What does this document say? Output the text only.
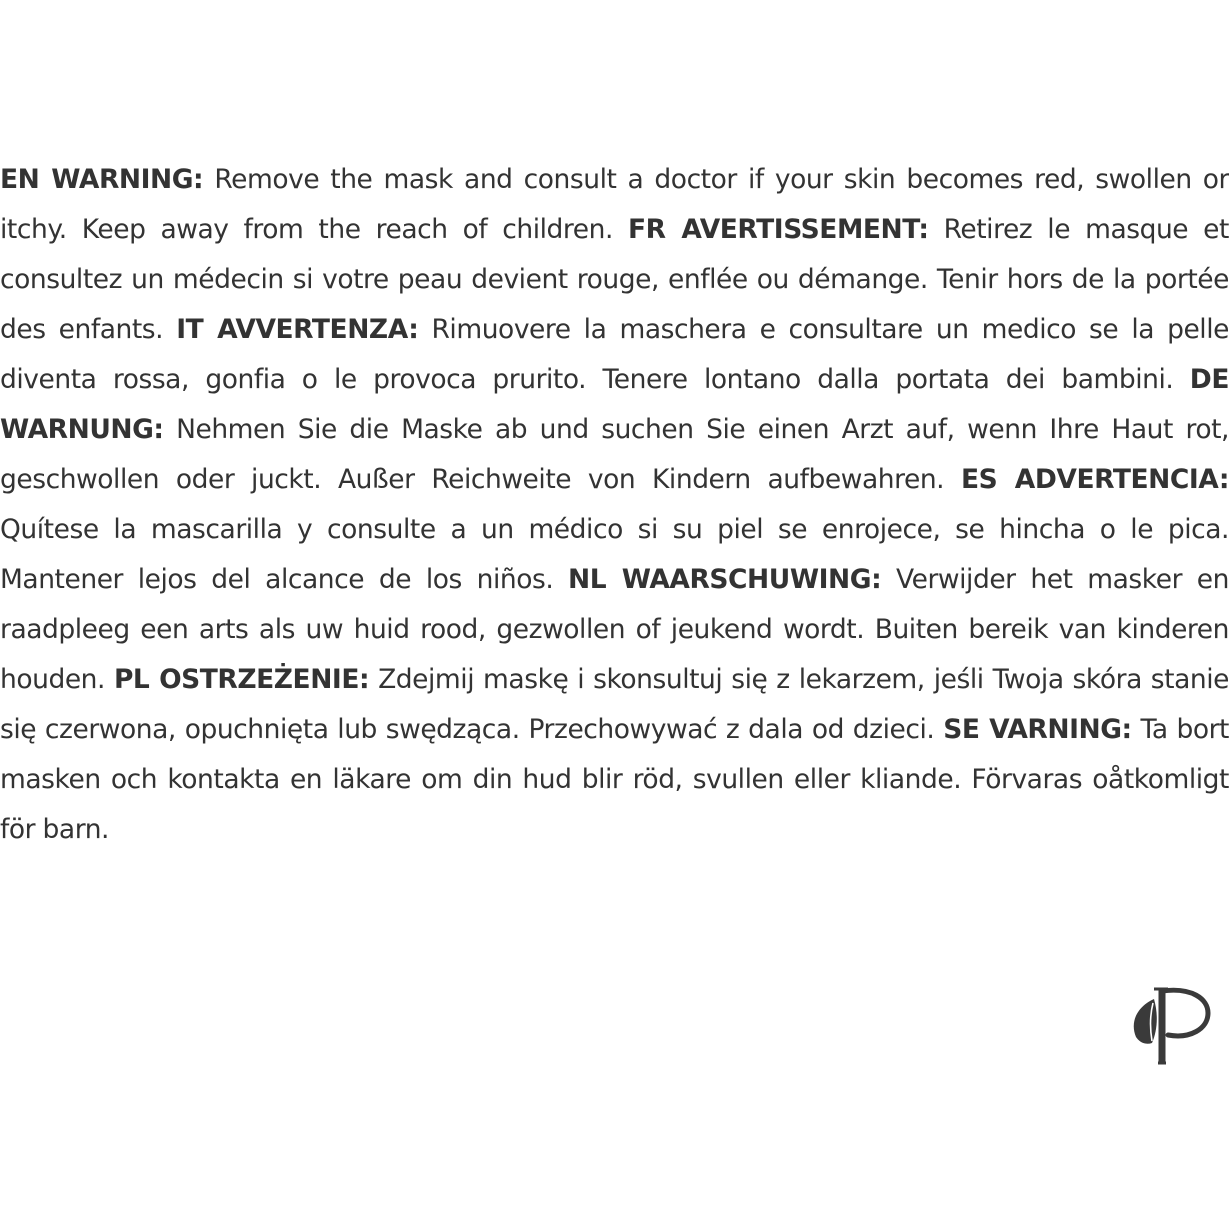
EN WARNING: Remove the mask and consult a doctor if your skin becomes red, swollen or itchy. Keep away from the reach of children. FR AVERTISSEMENT: Retirez le masque et consultez un médecin si votre peau devient rouge, enflée ou démange. Tenir hors de la portée des enfants. IT AVVERTENZA: Rimuovere la maschera e consultare un medico se la pelle diventa rossa, gonfia o le provoca prurito. Tenere lontano dalla portata dei bambini. DE WARNUNG: Nehmen Sie die Maske ab und suchen Sie einen Arzt auf, wenn Ihre Haut rot, geschwollen oder juckt. Außer Reichweite von Kindern aufbewahren. ES ADVERTENCIA: Quítese la mascarilla y consulte a un médico si su piel se enrojece, se hincha o le pica. Mantener lejos del alcance de los niños. NL WAARSCHUWING: Verwijder het masker en raadpleeg een arts als uw huid rood, gezwollen of jeukend wordt. Buiten bereik van kinderen houden. PL OSTRZEŻENIE: Zdejmij maskę i skonsultuj się z lekarzem, jeśli Twoja skóra stanie się czerwona, opuchnięta lub swędząca. Przechowywać z dala od dzieci. SE VARNING: Ta bort masken och kontakta en läkare om din hud blir röd, svullen eller kliande. Förvaras oåtkomligt för barn.
